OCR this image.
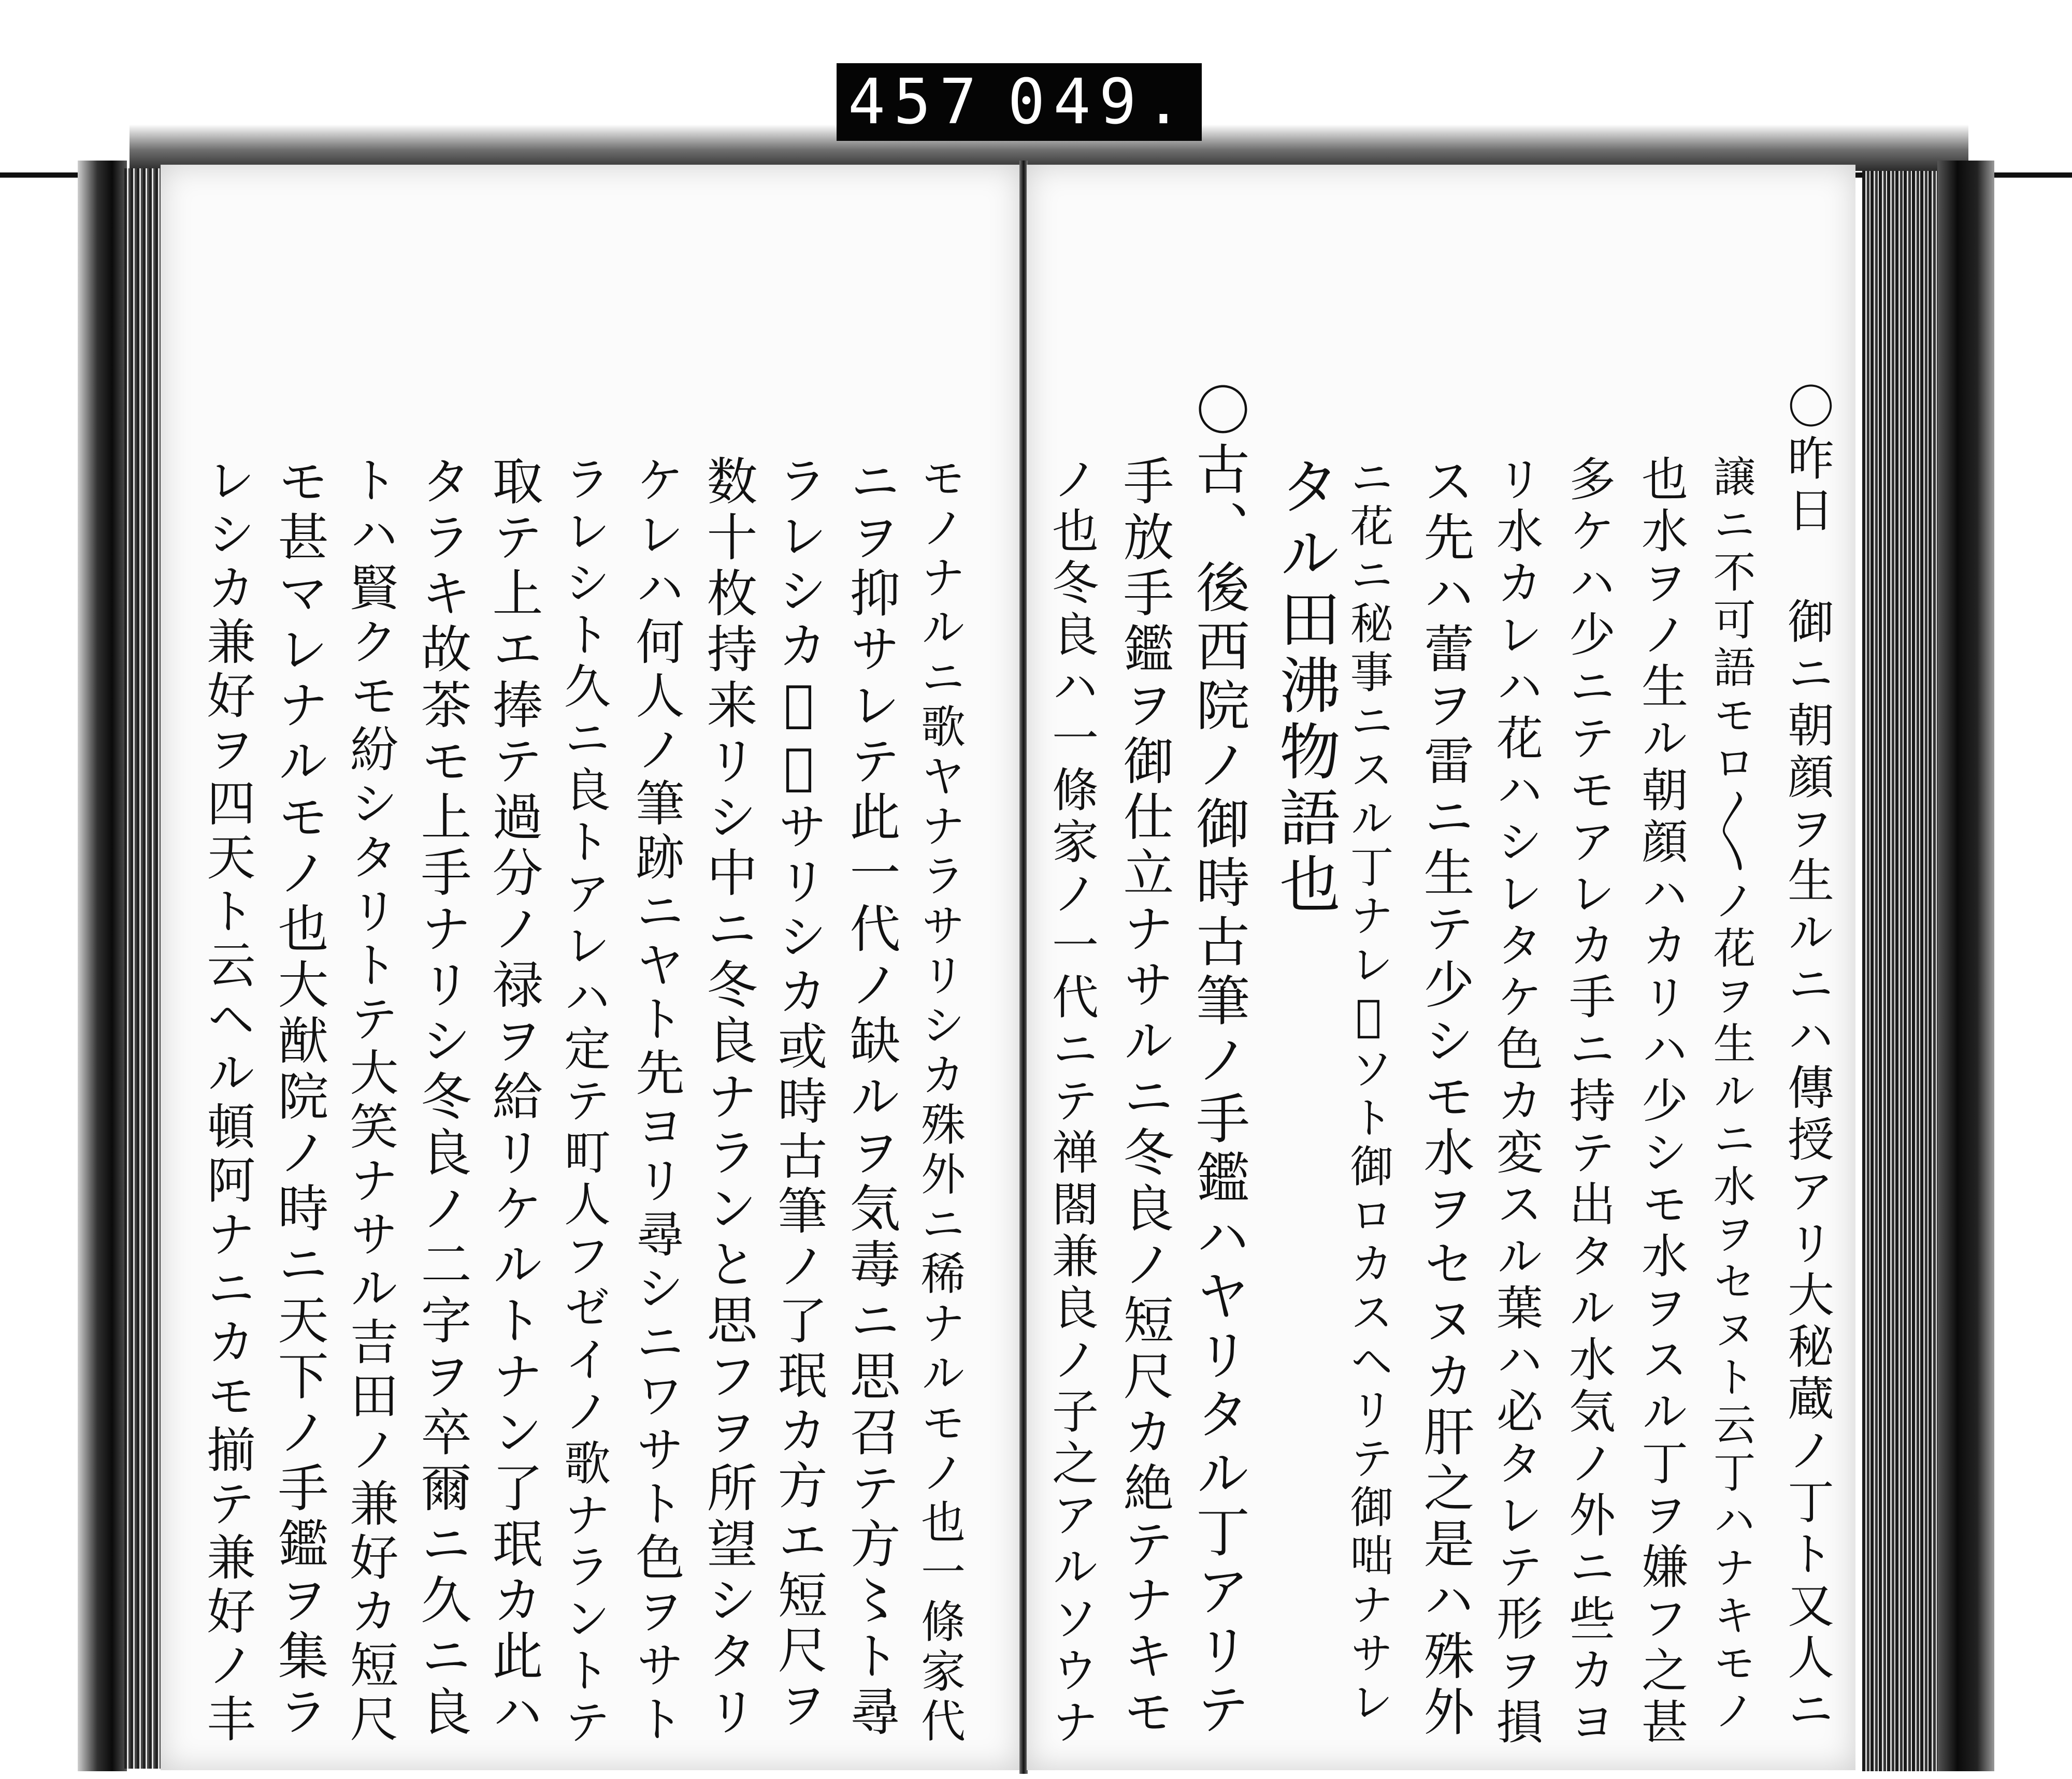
457 049.
モノナルニ歌ヤナラサリシカ殊外ニ稀ナルモノ也一條家代
ニヲ抑サレテ此一代ノ缺ルヲ気毒ニ思召テ方〻ト尋
ラレシカ𪜈出サリシカ或時古筆ノ了珉カ方エ短尺ヲ
数十枚持来リシ中ニ冬良ナランと思フヲ所望シタリ
ケレハ何人ノ筆跡ニヤト先ヨリ尋シニワサト色ヲサト
ラレシト久ニ良トアレハ定テ町人フゼイノ歌ナラントテ
取テ上エ捧テ過分ノ禄ヲ給リケルトナン了珉カ此ハ
タラキ故茶モ上手ナリシ冬良ノ二字ヲ卒爾ニ久ニ良
トハ賢クモ紛シタリトテ大笑ナサル吉田ノ兼好カ短尺
モ甚マレナルモノ也大猷院ノ時ニ天下ノ手鑑ヲ集ラ
レシカ兼好ヲ四天ト云ヘル頓阿ナニカモ揃テ兼好ノ丰	〇昨日 御ニ朝顔ヲ生ルニハ傳授アリ大秘蔵ノ丁ト又人ニ
譲ニ不可語モロ〳〵ノ花ヲ生ルニ水ヲセヌト云丁ハナキモノ
也水ヲノ生ル朝顔ハカリハ少シモ水ヲスル丁ヲ嫌フ之甚
多ケハ少ニテモアレカ手ニ持テ出タル水気ノ外ニ些カヨ
リ水カレハ花ハシレタケ色カ変スル葉ハ必タレテ形ヲ損
ス先ハ蕾ヲ雷ニ生テ少シモ水ヲセヌカ肝之是ハ殊外
ニ花ニ秘事ニスル丁ナレ𪜈ソト御ロカスヘリテ御咄ナサレ
タル田沸物語也
〇古、後西院ノ御時古筆ノ手鑑ハヤリタル丁アリテ
手放手鑑ヲ御仕立ナサルニ冬良ノ短尺カ絶テナキモ
ノ也冬良ハ一條家ノ一代ニテ禅閤兼良ノ子之アルソウナ
